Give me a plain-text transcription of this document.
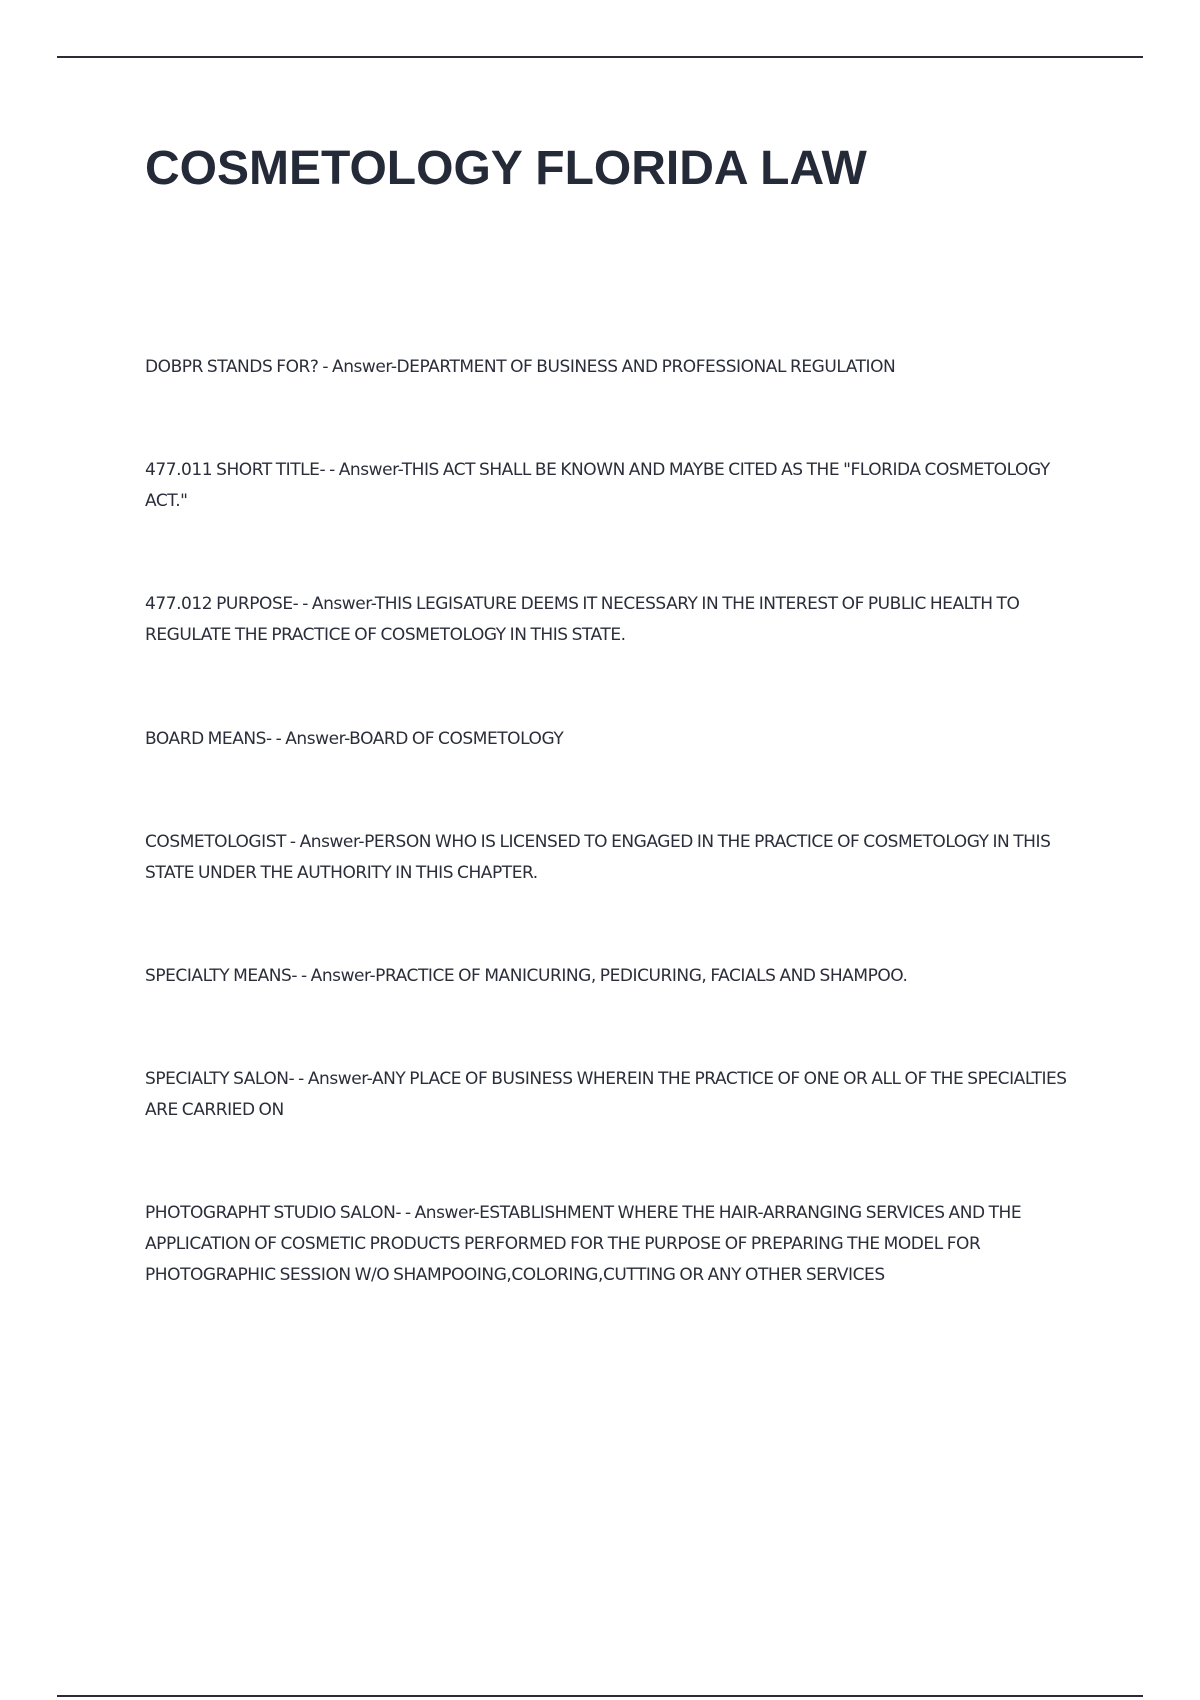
COSMETOLOGY FLORIDA LAW

DOBPR STANDS FOR? - Answer-DEPARTMENT OF BUSINESS AND PROFESSIONAL REGULATION

477.011 SHORT TITLE- - Answer-THIS ACT SHALL BE KNOWN AND MAYBE CITED AS THE "FLORIDA COSMETOLOGY ACT."

477.012 PURPOSE- - Answer-THIS LEGISATURE DEEMS IT NECESSARY IN THE INTEREST OF PUBLIC HEALTH TO REGULATE THE PRACTICE OF COSMETOLOGY IN THIS STATE.

BOARD MEANS- - Answer-BOARD OF COSMETOLOGY

COSMETOLOGIST - Answer-PERSON WHO IS LICENSED TO ENGAGED IN THE PRACTICE OF COSMETOLOGY IN THIS STATE UNDER THE AUTHORITY IN THIS CHAPTER.

SPECIALTY MEANS- - Answer-PRACTICE OF MANICURING, PEDICURING, FACIALS AND SHAMPOO.

SPECIALTY SALON- - Answer-ANY PLACE OF BUSINESS WHEREIN THE PRACTICE OF ONE OR ALL OF THE SPECIALTIES ARE CARRIED ON

PHOTOGRAPHT STUDIO SALON- - Answer-ESTABLISHMENT WHERE THE HAIR-ARRANGING SERVICES AND THE APPLICATION OF COSMETIC PRODUCTS PERFORMED FOR THE PURPOSE OF PREPARING THE MODEL FOR PHOTOGRAPHIC SESSION W/O SHAMPOOING,COLORING,CUTTING OR ANY OTHER SERVICES
